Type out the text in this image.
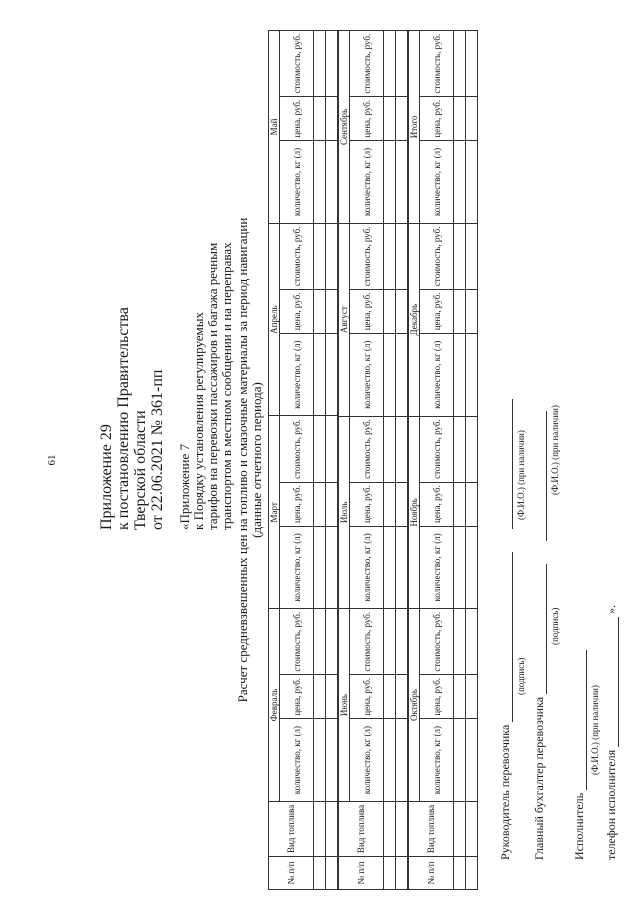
61	Приложение 29 к постановлению Правительства Тверской области от 22.06.2021 № 361-пп «Приложение 7 к Порядку установления регулируемых тарифов на перевозки пассажиров и багажа речным транспортом в местном сообщении и на переправах Расчет средневзвешенных цен на топливо и смазочные материалы за период навигации (данные отчетного периода)
№ п/п	Вид топлива	Февраль			Март			Апрель			Май		
		количество, кг (л)	цена, руб.	стоимость, руб.	количество, кг (л)	цена, руб.	стоимость, руб.	количество, кг (л)	цена, руб.	стоимость, руб.	количество, кг (л)	цена, руб.	стоимость, руб.

№ п/п	Вид топлива	Июнь			Июль			Август			Сентябрь		
		количество, кг (л)	цена, руб.	стоимость, руб.	количество, кг (л)	цена, руб.	стоимость, руб.	количество, кг (л)	цена, руб.	стоимость, руб.	количество, кг (л)	цена, руб.	стоимость, руб.

№ п/п	Вид топлива	Октябрь			Ноябрь			Декабрь			Итого		
		количество, кг (л)	цена, руб.	стоимость, руб.	количество, кг (л)	цена, руб.	стоимость, руб.	количество, кг (л)	цена, руб.	стоимость, руб.	количество, кг (л)	цена, руб.	стоимость, руб.

Руководитель перевозчика
(подпись)
(Ф.И.О.) (при наличии)
Главный бухгалтер перевозчика
(подпись)
(Ф.И.О.) (при наличии)
Исполнитель
(Ф.И.О.) (при наличии)
телефон исполнителя  ».
